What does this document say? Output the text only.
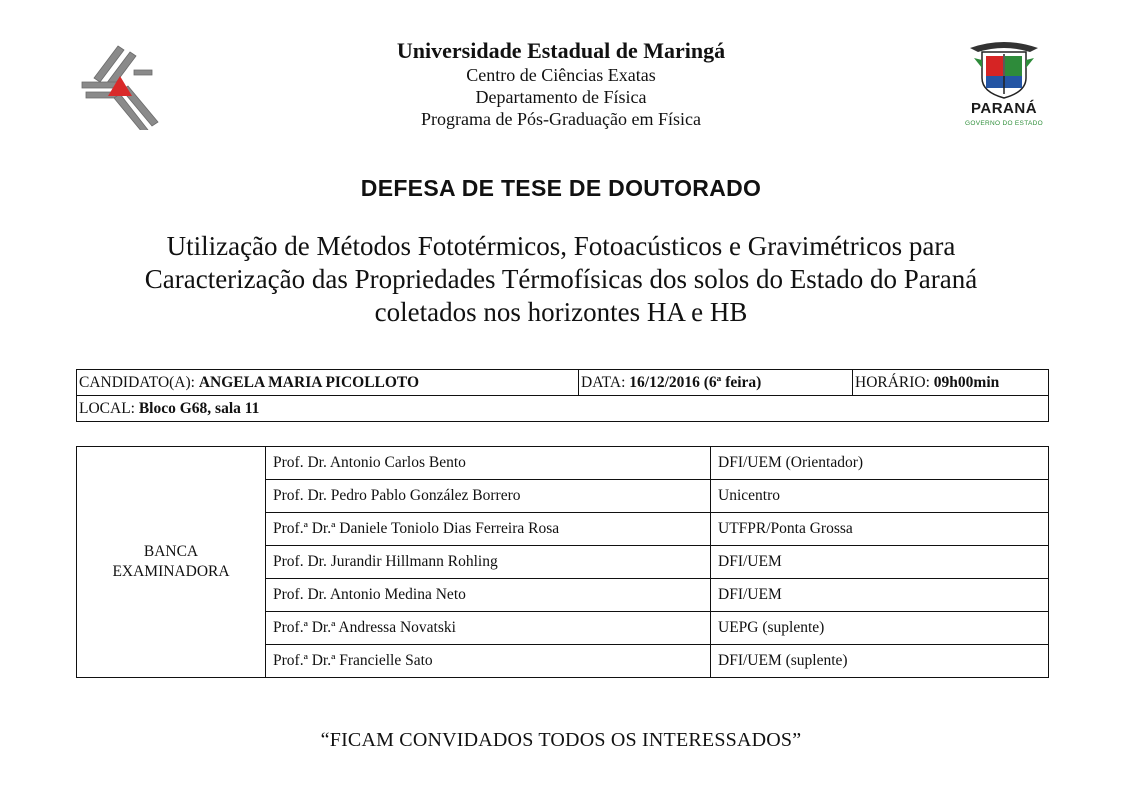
PARANÁ
GOVERNO DO ESTADO
Universidade Estadual de Maringá
Centro de Ciências Exatas
Departamento de Física
Programa de Pós-Graduação em Física
DEFESA DE TESE DE DOUTORADO
Utilização de Métodos Fototérmicos, Fotoacústicos e Gravimétricos para
Caracterização das Propriedades Térmofísicas dos solos do Estado do Paraná
coletados nos horizontes HA e HB
CANDIDATO(A): ANGELA MARIA PICOLLOTO	DATA: 16/12/2016 (6ª feira)	HORÁRIO: 09h00min
LOCAL: Bloco G68, sala 11
BANCA
EXAMINADORA	Prof. Dr. Antonio Carlos Bento	DFI/UEM (Orientador)
	Prof. Dr. Pedro Pablo González Borrero	Unicentro
	Prof.ª Dr.ª Daniele Toniolo Dias Ferreira Rosa	UTFPR/Ponta Grossa
	Prof. Dr. Jurandir Hillmann Rohling	DFI/UEM
	Prof. Dr. Antonio Medina Neto	DFI/UEM
	Prof.ª Dr.ª Andressa Novatski	UEPG (suplente)
	Prof.ª Dr.ª Francielle Sato	DFI/UEM (suplente)
“FICAM CONVIDADOS TODOS OS INTERESSADOS”
